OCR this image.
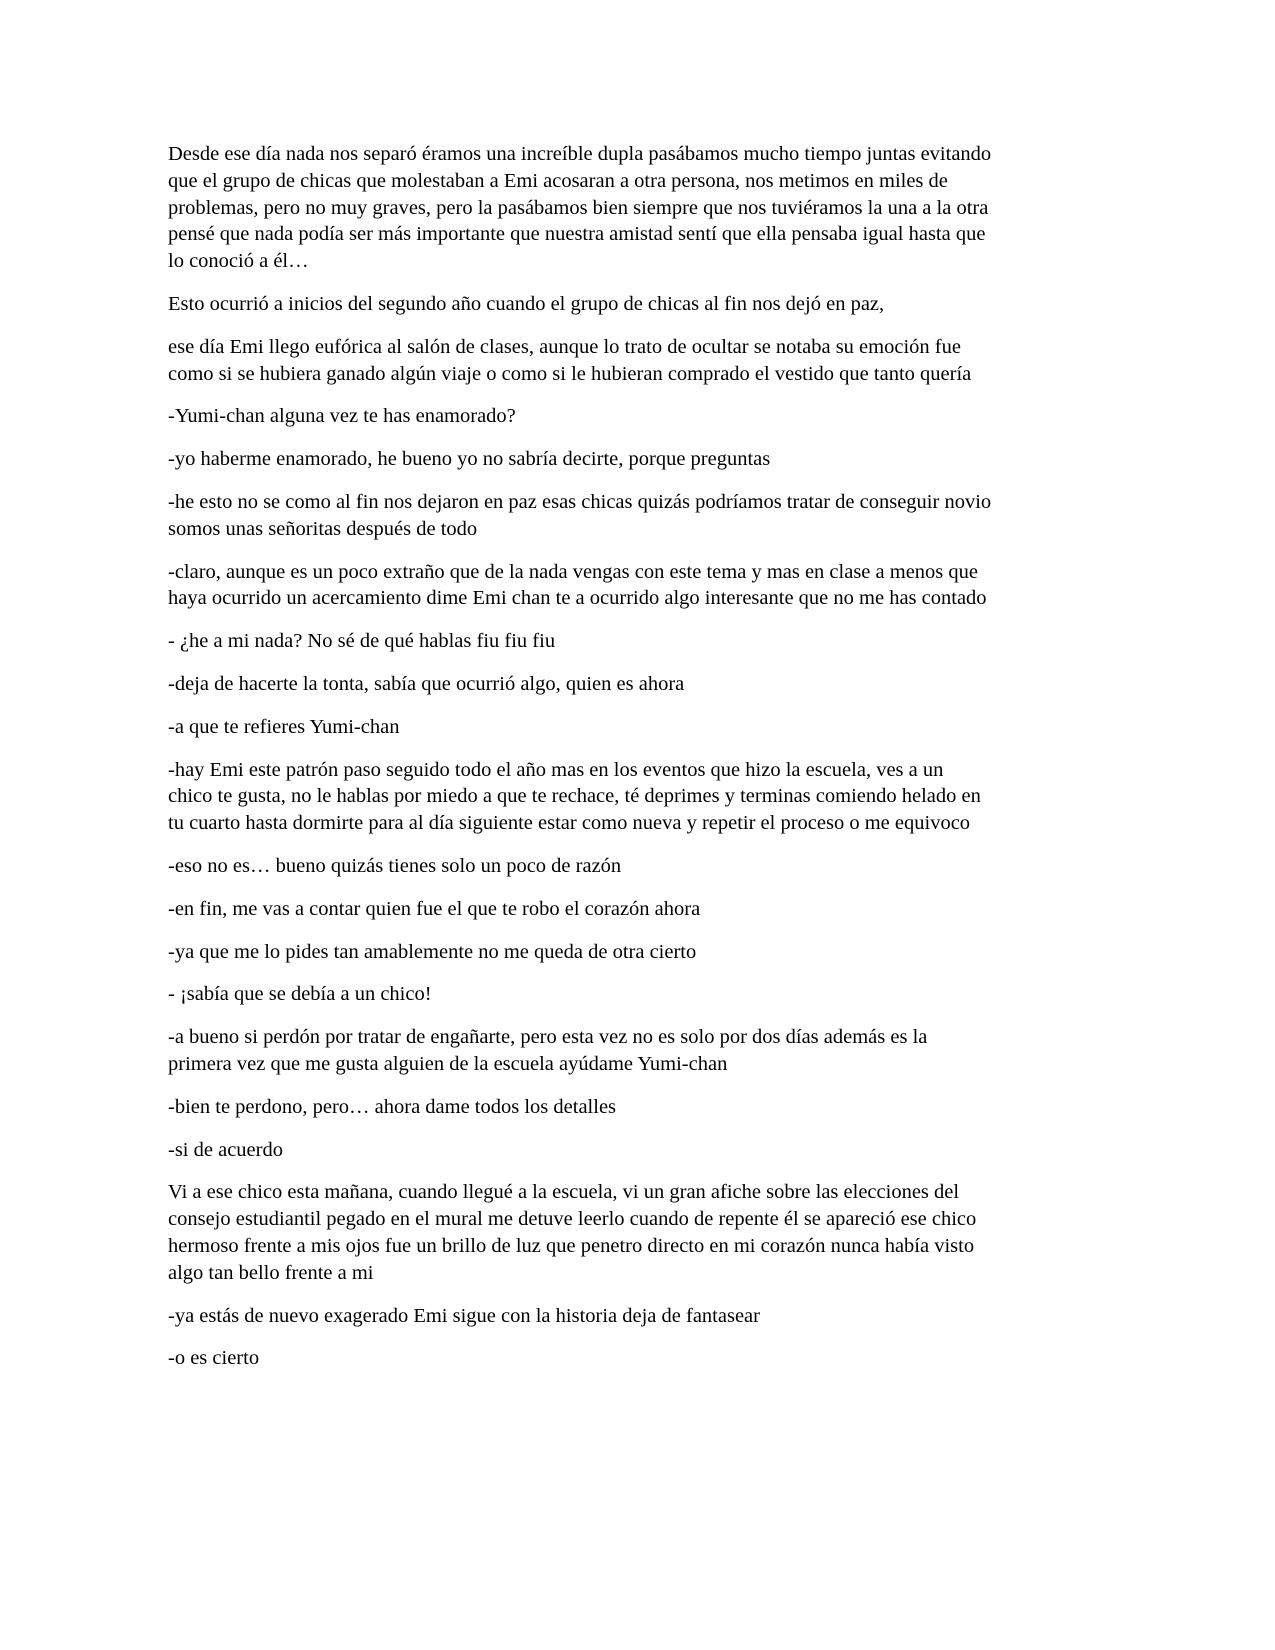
Desde ese día nada nos separó éramos una increíble dupla pasábamos mucho tiempo juntas evitando
que el grupo de chicas que molestaban a Emi acosaran a otra persona, nos metimos en miles de
problemas, pero no muy graves, pero la pasábamos bien siempre que nos tuviéramos la una a la otra
pensé que nada podía ser más importante que nuestra amistad sentí que ella pensaba igual hasta que
lo conoció a él…

Esto ocurrió a inicios del segundo año cuando el grupo de chicas al fin nos dejó en paz,

ese día Emi llego eufórica al salón de clases, aunque lo trato de ocultar se notaba su emoción fue
como si se hubiera ganado algún viaje o como si le hubieran comprado el vestido que tanto quería

-Yumi-chan alguna vez te has enamorado?

-yo haberme enamorado, he bueno yo no sabría decirte, porque preguntas

-he esto no se como al fin nos dejaron en paz esas chicas quizás podríamos tratar de conseguir novio
somos unas señoritas después de todo

-claro, aunque es un poco extraño que de la nada vengas con este tema y mas en clase a menos que
haya ocurrido un acercamiento dime Emi chan te a ocurrido algo interesante que no me has contado

- ¿he a mi nada? No sé de qué hablas fiu fiu fiu

-deja de hacerte la tonta, sabía que ocurrió algo, quien es ahora

-a que te refieres Yumi-chan

-hay Emi este patrón paso seguido todo el año mas en los eventos que hizo la escuela, ves a un
chico te gusta, no le hablas por miedo a que te rechace, té deprimes y terminas comiendo helado en
tu cuarto hasta dormirte para al día siguiente estar como nueva y repetir el proceso o me equivoco

-eso no es… bueno quizás tienes solo un poco de razón

-en fin, me vas a contar quien fue el que te robo el corazón ahora

-ya que me lo pides tan amablemente no me queda de otra cierto

- ¡sabía que se debía a un chico!

-a bueno si perdón por tratar de engañarte, pero esta vez no es solo por dos días además es la
primera vez que me gusta alguien de la escuela ayúdame Yumi-chan

-bien te perdono, pero… ahora dame todos los detalles

-si de acuerdo

Vi a ese chico esta mañana, cuando llegué a la escuela, vi un gran afiche sobre las elecciones del
consejo estudiantil pegado en el mural me detuve leerlo cuando de repente él se apareció ese chico
hermoso frente a mis ojos fue un brillo de luz que penetro directo en mi corazón nunca había visto
algo tan bello frente a mi

-ya estás de nuevo exagerado Emi sigue con la historia deja de fantasear

-o es cierto
